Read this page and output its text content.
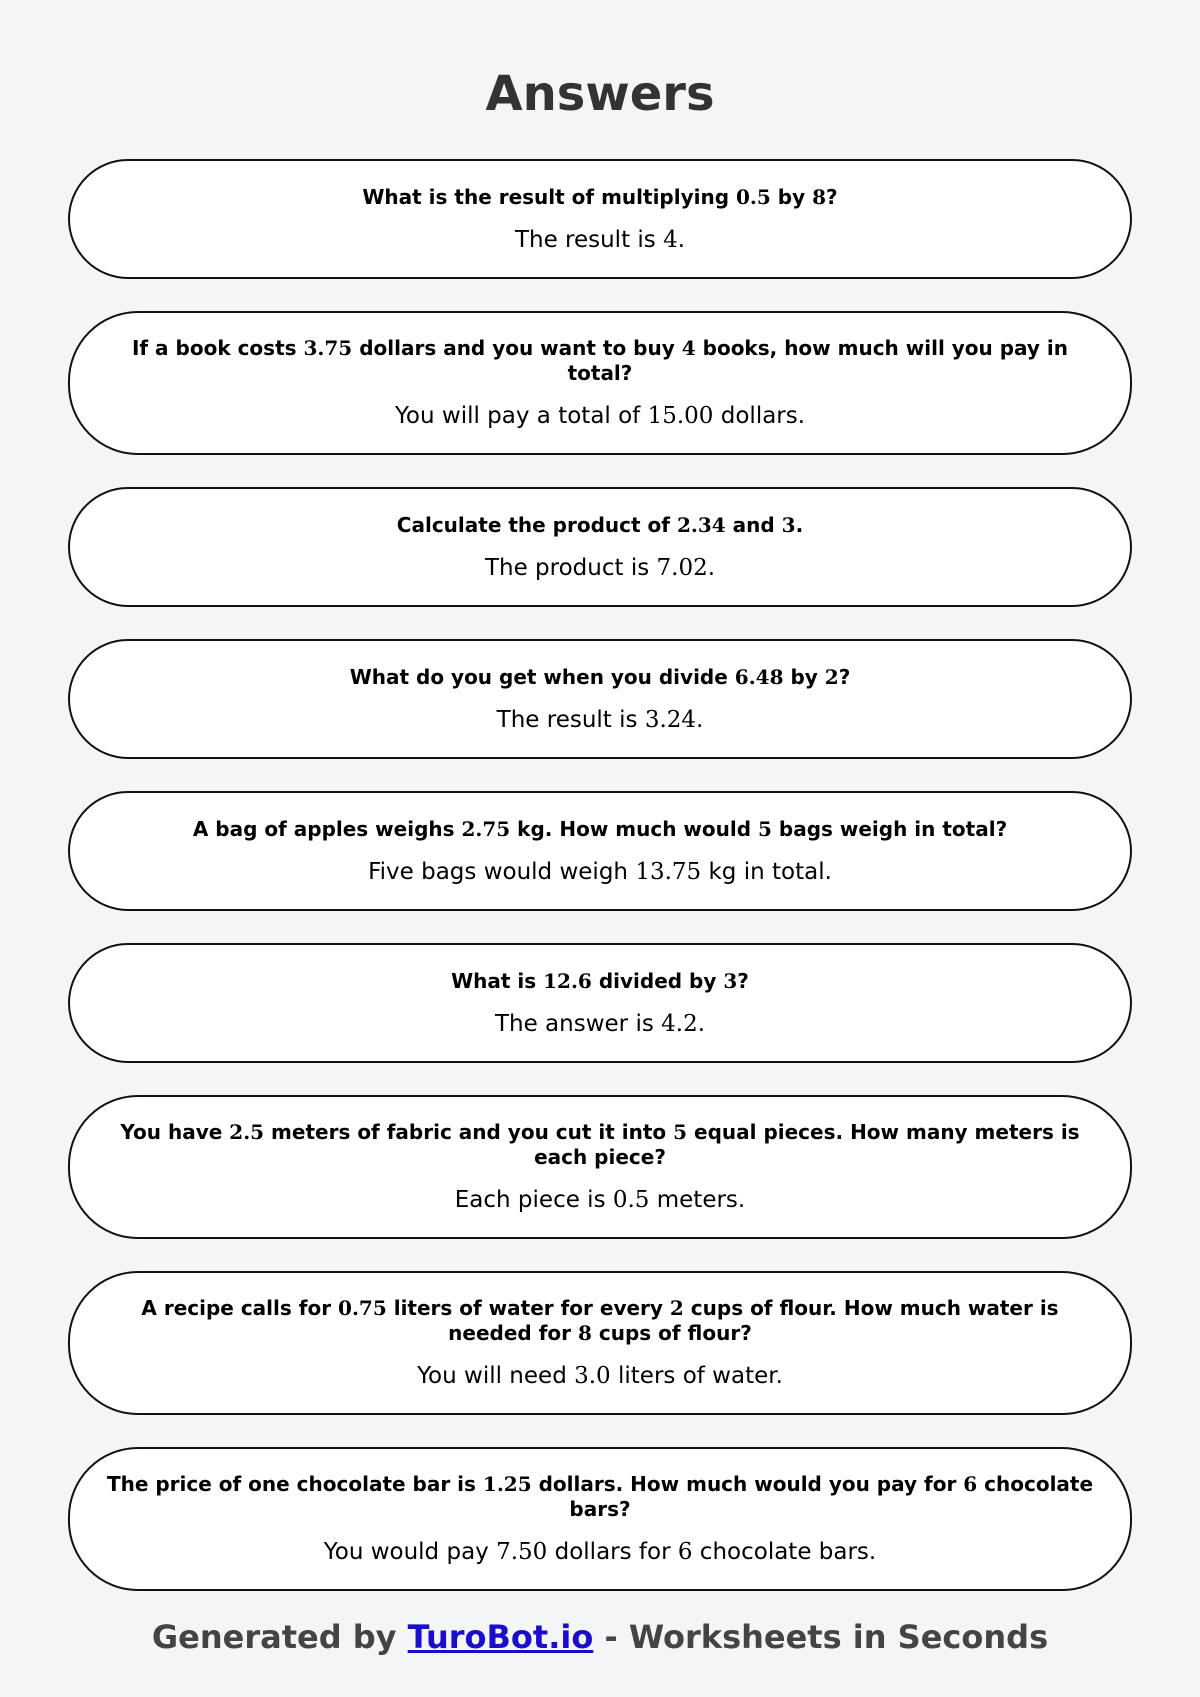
Answers

What is the result of multiplying 0.5 by 8?

The result is 4.

If a book costs 3.75 dollars and you want to buy 4 books, how much will you pay in total?

You will pay a total of 15.00 dollars.

Calculate the product of 2.34 and 3.

The product is 7.02.

What do you get when you divide 6.48 by 2?

The result is 3.24.

A bag of apples weighs 2.75 kg. How much would 5 bags weigh in total?

Five bags would weigh 13.75 kg in total.

What is 12.6 divided by 3?

The answer is 4.2.

You have 2.5 meters of fabric and you cut it into 5 equal pieces. How many meters is each piece?

Each piece is 0.5 meters.

A recipe calls for 0.75 liters of water for every 2 cups of flour. How much water is needed for 8 cups of flour?

You will need 3.0 liters of water.

The price of one chocolate bar is 1.25 dollars. How much would you pay for 6 chocolate bars?

You would pay 7.50 dollars for 6 chocolate bars.

Generated by TuroBot.io - Worksheets in Seconds
